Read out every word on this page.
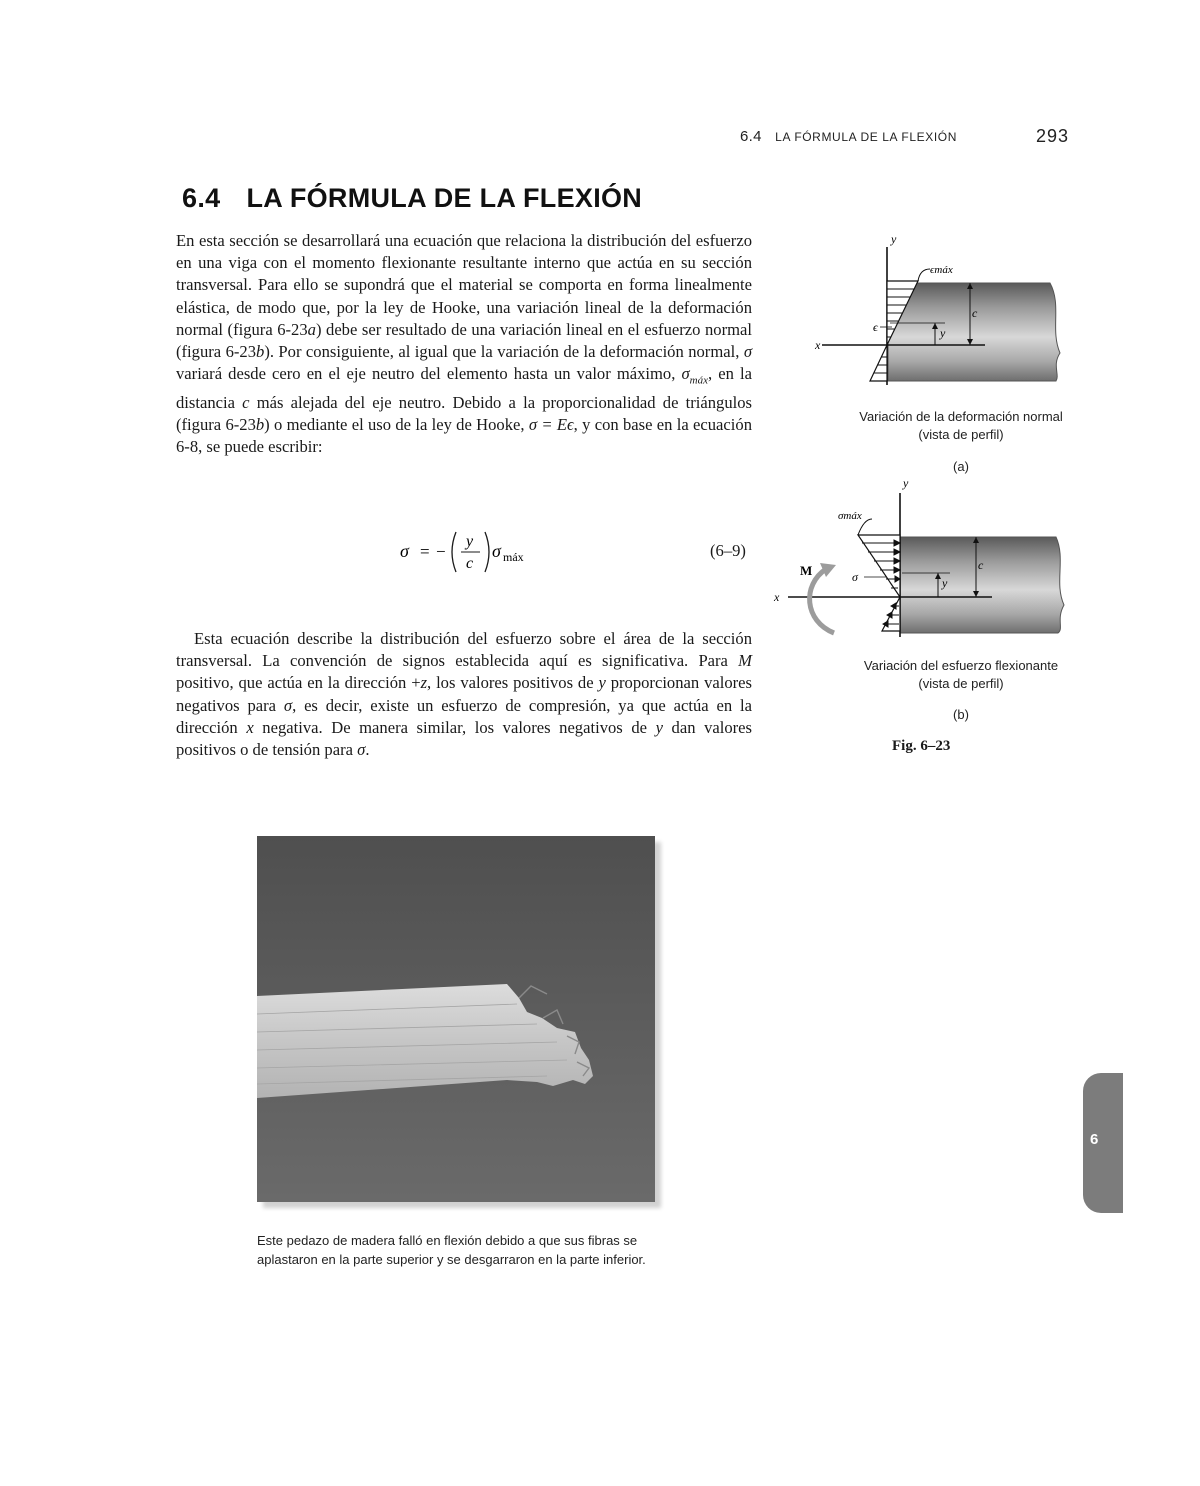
6.4 LA FÓRMULA DE LA FLEXIÓN	293
6.4 LA FÓRMULA DE LA FLEXIÓN
En esta sección se desarrollará una ecuación que relaciona la distribución del esfuerzo en una viga con el momento flexionante resultante interno que actúa en su sección transversal. Para ello se supondrá que el material se comporta en forma linealmente elástica, de modo que, por la ley de Hooke, una variación lineal de la deformación normal (figura 6-23a) debe ser resultado de una variación lineal en el esfuerzo normal (figura 6-23b). Por consiguiente, al igual que la variación de la deformación normal, σ variará desde cero en el eje neutro del elemento hasta un valor máximo, $\sigma_{máx}$, en la distancia c más alejada del eje neutro. Debido a la proporcionalidad de triángulos (figura 6-23b) o mediante el uso de la ley de Hooke, σ = Eϵ, y con base en la ecuación 6-8, se puede escribir:
σ = −
y
c
σ máx	(6–9)
Esta ecuación describe la distribución del esfuerzo sobre el área de la sección transversal. La convención de signos establecida aquí es significativa. Para M positivo, que actúa en la dirección +z, los valores positivos de y proporcionan valores negativos para σ, es decir, existe un esfuerzo de compresión, ya que actúa en la dirección x negativa. De manera similar, los valores negativos de y dan valores positivos o de tensión para σ.
y
x
c
y
ϵmáx
ϵ
y
x
c
y
σmáx
σ
M
Variación de la deformación normal
(vista de perfil)
(a)
Variación del esfuerzo flexionante
(vista de perfil)
(b)
Fig. 6–23
Este pedazo de madera falló en flexión debido a que sus fibras se aplastaron en la parte superior y se desgarraron en la parte inferior.
6
